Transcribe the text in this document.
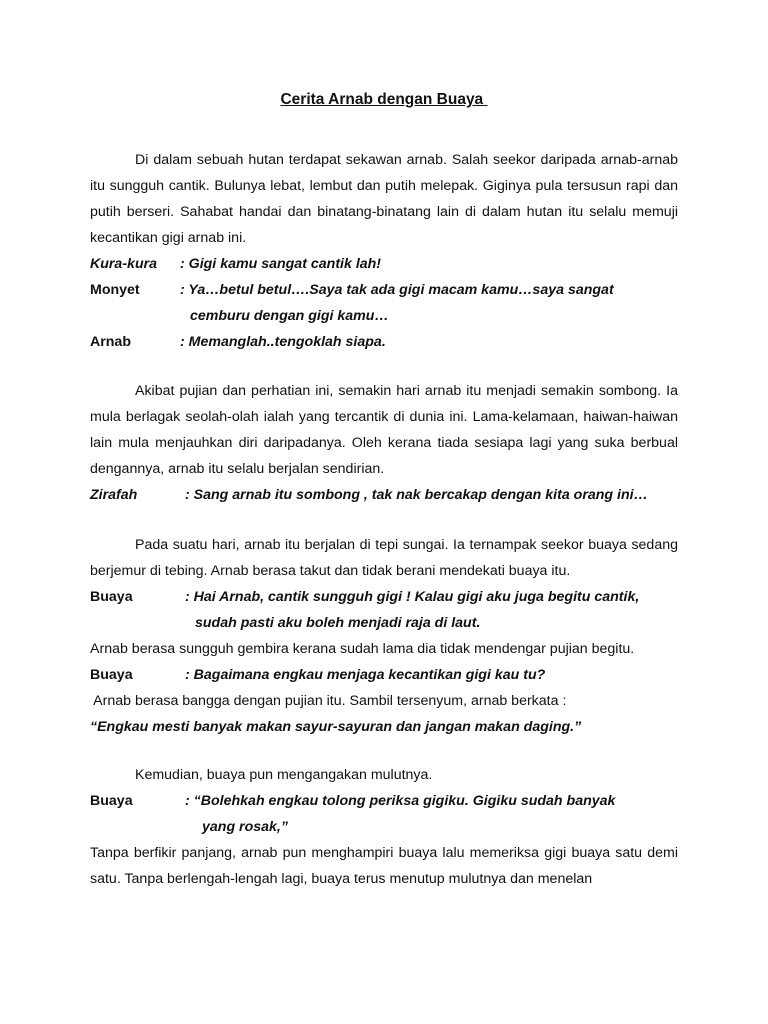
Cerita Arnab dengan Buaya

Di dalam sebuah hutan terdapat sekawan arnab. Salah seekor daripada arnab-arnab itu sungguh cantik. Bulunya lebat, lembut dan putih melepak. Giginya pula tersusun rapi dan putih berseri. Sahabat handai dan binatang-binatang lain di dalam hutan itu selalu memuji kecantikan gigi arnab ini.

Kura-kura	: Gigi kamu sangat cantik lah!
Monyet	: Ya…betul betul….Saya tak ada gigi macam kamu…saya sangat
cemburu dengan gigi kamu…
Arnab	: Memanglah..tengoklah siapa.

Akibat pujian dan perhatian ini, semakin hari arnab itu menjadi semakin sombong. Ia mula berlagak seolah-olah ialah yang tercantik di dunia ini. Lama-kelamaan, haiwan-haiwan lain mula menjauhkan diri daripadanya. Oleh kerana tiada sesiapa lagi yang suka berbual dengannya, arnab itu selalu berjalan sendirian.

Zirafah	: Sang arnab itu sombong , tak nak bercakap dengan kita orang ini…

Pada suatu hari, arnab itu berjalan di tepi sungai. Ia ternampak seekor buaya sedang berjemur di tebing. Arnab berasa takut dan tidak berani mendekati buaya itu.

Buaya	: Hai Arnab, cantik sungguh gigi ! Kalau gigi aku juga begitu cantik,
sudah pasti aku boleh menjadi raja di laut.

Arnab berasa sungguh gembira kerana sudah lama dia tidak mendengar pujian begitu.

Buaya	: Bagaimana engkau menjaga kecantikan gigi kau tu?

Arnab berasa bangga dengan pujian itu. Sambil tersenyum, arnab berkata :

“Engkau mesti banyak makan sayur-sayuran dan jangan makan daging.”

Kemudian, buaya pun mengangakan mulutnya.

Buaya	: “Bolehkah engkau tolong periksa gigiku. Gigiku sudah banyak
yang rosak,”

Tanpa berfikir panjang, arnab pun menghampiri buaya lalu memeriksa gigi buaya satu demi satu. Tanpa berlengah-lengah lagi, buaya terus menutup mulutnya dan menelan
